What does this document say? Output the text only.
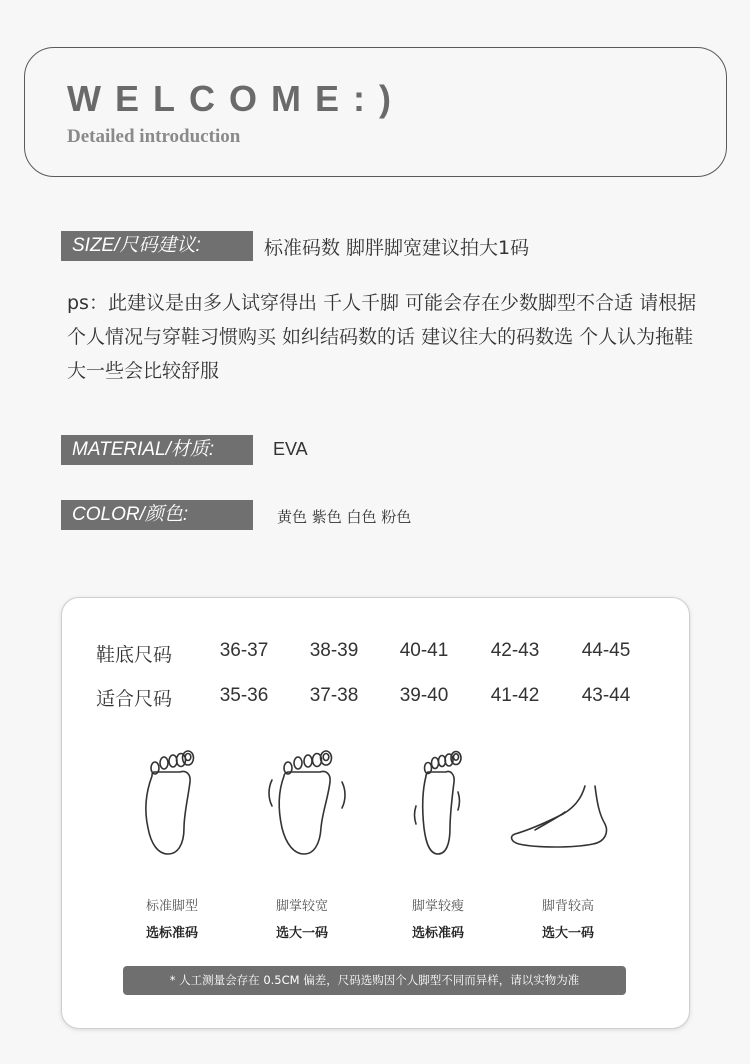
WELCOME:)
Detailed introduction
SIZE/尺码建议:	标准码数 脚胖脚宽建议拍大1码
ps：此建议是由多人试穿得出 千人千脚 可能会存在少数脚型不合适 请根据个人情况与穿鞋习惯购买 如纠结码数的话 建议往大的码数选 个人认为拖鞋大一些会比较舒服
MATERIAL/材质:	EVA
COLOR/颜色:	黄色 紫色 白色 粉色
鞋底尺码	36-37	38-39	40-41	42-43	44-45
适合尺码	35-36	37-38	39-40	41-42	43-44
标准脚型
选标准码
脚掌较宽
选大一码
脚掌较瘦
选标准码
脚背较高
选大一码
* 人工测量会存在 0.5CM 偏差，尺码选购因个人脚型不同而异样，请以实物为准
